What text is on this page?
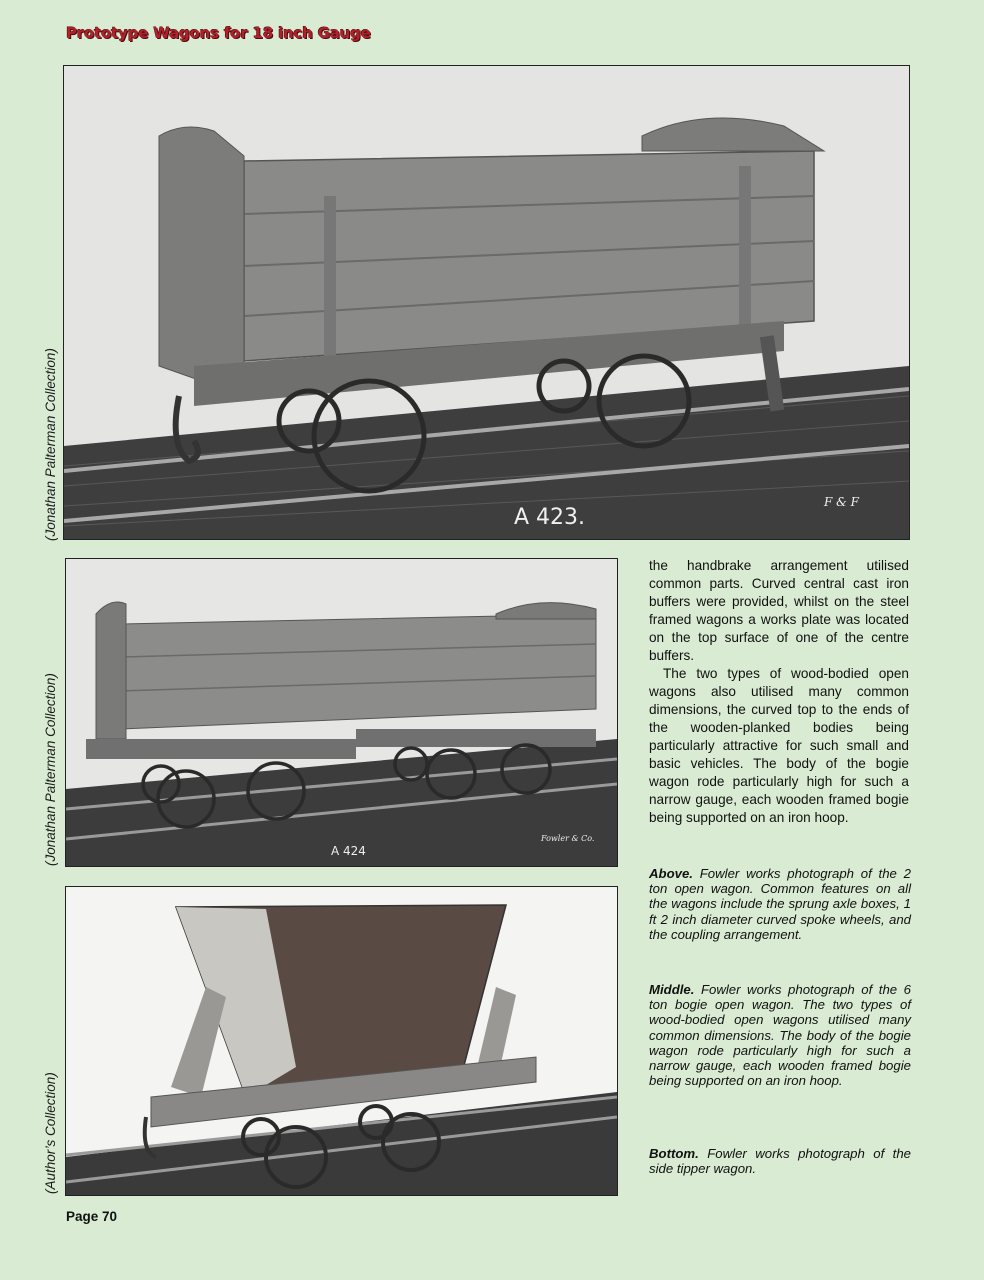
Prototype Wagons for 18 inch Gauge
A 423.
F & F
(Jonathan Palterman Collection)
A 424
Fowler & Co.
(Jonathan Palterman Collection)
(Author’s Collection)

the handbrake arrangement utilised common parts. Curved central cast iron buffers were provided, whilst on the steel framed wagons a works plate was located on the top surface of one of the centre buffers.

The two types of wood-bodied open wagons also utilised many common dimensions, the curved top to the ends of the wooden-planked bodies being particularly attractive for such small and basic vehicles. The body of the bogie wagon rode particularly high for such a narrow gauge, each wooden framed bogie being supported on an iron hoop.

Above. Fowler works photograph of the 2 ton open wagon. Common features on all the wagons include the sprung axle boxes, 1 ft 2 inch diameter curved spoke wheels, and the coupling arrangement.
Middle. Fowler works photograph of the 6 ton bogie open wagon. The two types of wood-bodied open wagons utilised many common dimensions. The body of the bogie wagon rode particularly high for such a narrow gauge, each wooden framed bogie being supported on an iron hoop.
Bottom. Fowler works photograph of the side tipper wagon.
Page 70
